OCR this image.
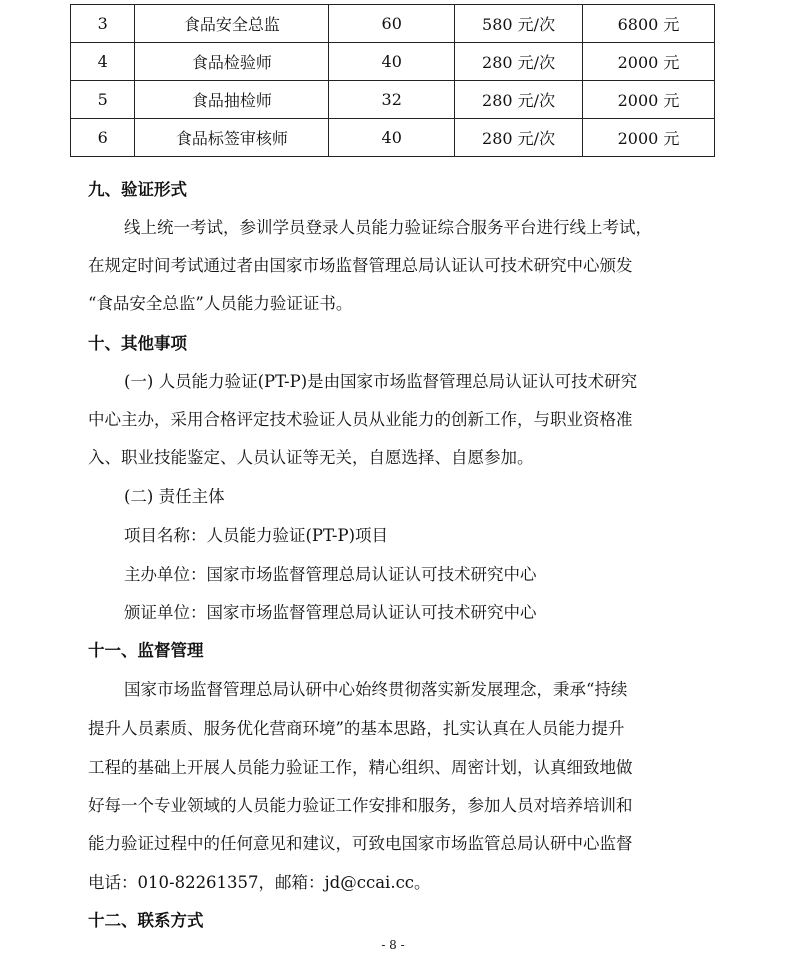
3	食品安全总监	60	580 元/次	6800 元
4	食品检验师	40	280 元/次	2000 元
5	食品抽检师	32	280 元/次	2000 元
6	食品标签审核师	40	280 元/次	2000 元
九、验证形式
线上统一考试，参训学员登录人员能力验证综合服务平台进行线上考试，
在规定时间考试通过者由国家市场监督管理总局认证认可技术研究中心颁发
“食品安全总监”人员能力验证证书。
十、其他事项
(一) 人员能力验证(PT-P)是由国家市场监督管理总局认证认可技术研究
中心主办，采用合格评定技术验证人员从业能力的创新工作，与职业资格准
入、职业技能鉴定、人员认证等无关，自愿选择、自愿参加。
(二) 责任主体
项目名称：人员能力验证(PT-P)项目
主办单位：国家市场监督管理总局认证认可技术研究中心
颁证单位：国家市场监督管理总局认证认可技术研究中心
十一、监督管理
国家市场监督管理总局认研中心始终贯彻落实新发展理念，秉承“持续
提升人员素质、服务优化营商环境”的基本思路，扎实认真在人员能力提升
工程的基础上开展人员能力验证工作，精心组织、周密计划，认真细致地做
好每一个专业领域的人员能力验证工作安排和服务，参加人员对培养培训和
能力验证过程中的任何意见和建议，可致电国家市场监管总局认研中心监督
电话：010-82261357，邮箱：jd@ccai.cc。
十二、联系方式
- 8 -
